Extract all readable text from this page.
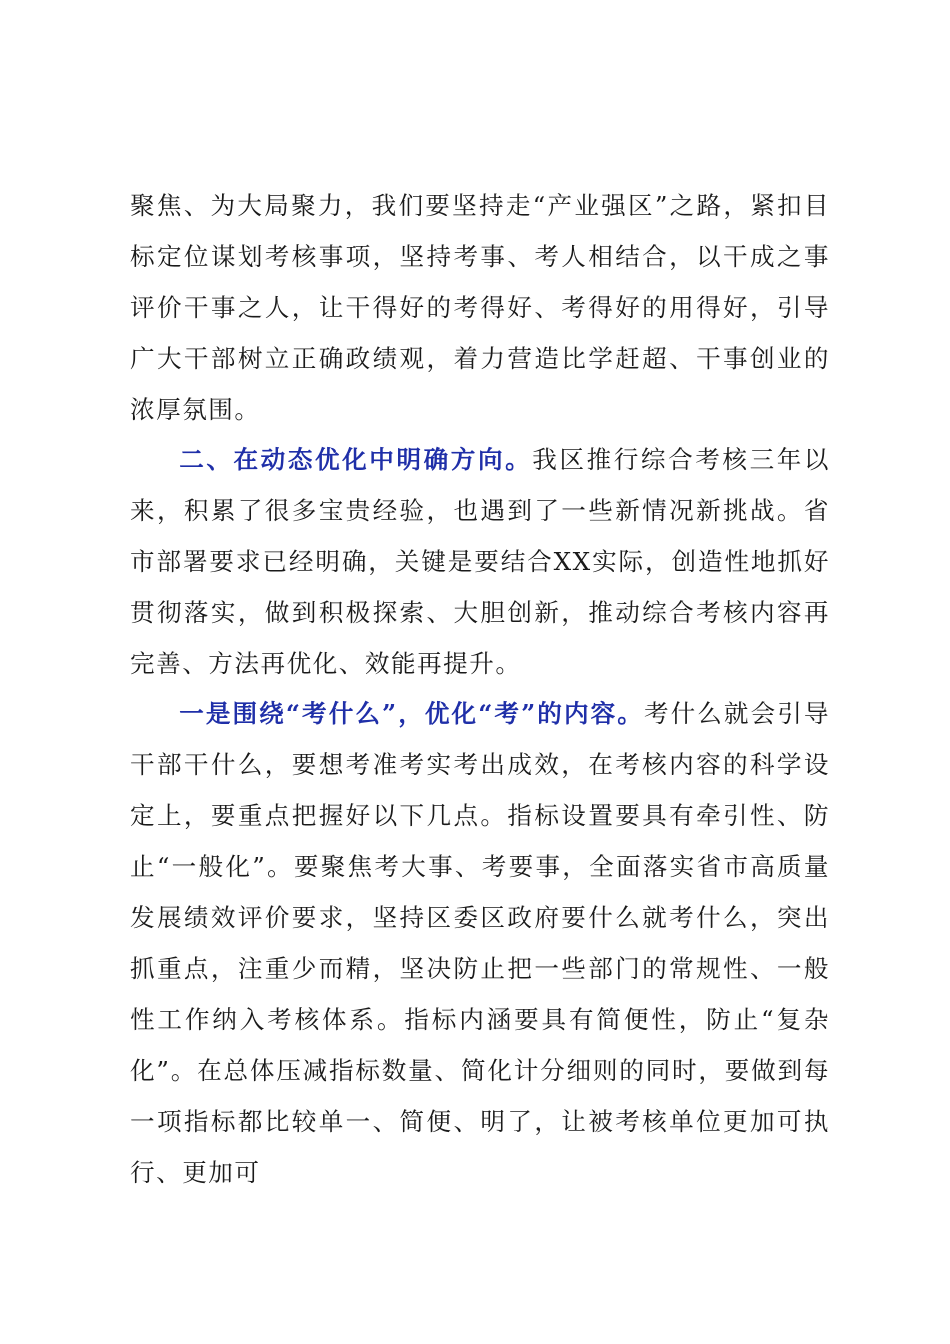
聚焦、为大局聚力，我们要坚持走“产业强区”之路，紧扣目标定位谋划考核事项，坚持考事、考人相结合，以干成之事评价干事之人，让干得好的考得好、考得好的用得好，引导广大干部树立正确政绩观，着力营造比学赶超、干事创业的浓厚氛围。

二、在动态优化中明确方向。我区推行综合考核三年以来，积累了很多宝贵经验，也遇到了一些新情况新挑战。省市部署要求已经明确，关键是要结合XX实际，创造性地抓好贯彻落实，做到积极探索、大胆创新，推动综合考核内容再完善、方法再优化、效能再提升。

一是围绕“考什么”，优化“考”的内容。考什么就会引导干部干什么，要想考准考实考出成效，在考核内容的科学设定上，要重点把握好以下几点。指标设置要具有牵引性、防止“一般化”。要聚焦考大事、考要事，全面落实省市高质量发展绩效评价要求，坚持区委区政府要什么就考什么，突出抓重点，注重少而精，坚决防止把一些部门的常规性、一般性工作纳入考核体系。指标内涵要具有简便性，防止“复杂化”。在总体压减指标数量、简化计分细则的同时，要做到每一项指标都比较单一、简便、明了，让被考核单位更加可执行、更加可
